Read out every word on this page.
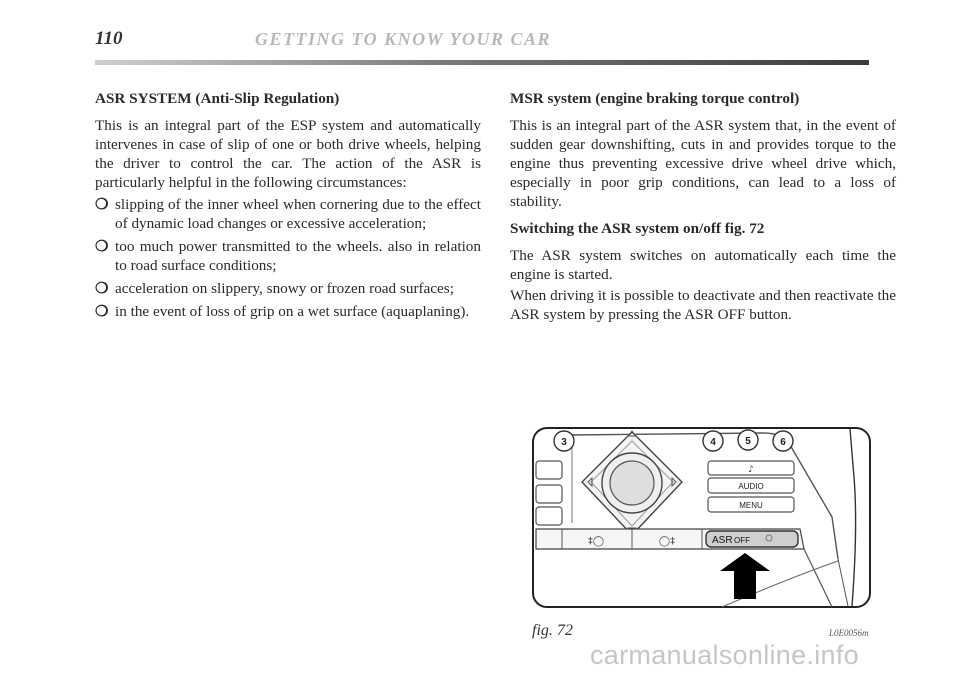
110	GETTING TO KNOW YOUR CAR

ASR SYSTEM (Anti-Slip Regulation)

This is an integral part of the ESP system and automatically intervenes in case of slip of one or both drive wheels, helping the driver to control the car. The action of the ASR is particularly helpful in the following circumstances:

❍ slipping of the inner wheel when cornering due to the effect of dynamic load changes or excessive acceleration;
❍ too much power transmitted to the wheels. also in relation to road surface conditions;
❍ acceleration on slippery, snowy or frozen road surfaces;
❍ in the event of loss of grip on a wet surface (aquaplaning).

MSR system (engine braking torque control)

This is an integral part of the ASR system that, in the event of sudden gear downshifting, cuts in and provides torque to the engine thus preventing excessive drive wheel drive which, especially in poor grip conditions, can lead to a loss of stability.

Switching the ASR system on/off fig. 72

The ASR system switches on automatically each time the engine is started.

When driving it is possible to deactivate and then reactivate the ASR system by pressing the ASR OFF button.

3	4	5	6
♪
AUDIO
MENU
‡◯	◯‡	ASR OFF
fig. 72	L0E0056m
carmanualsonline.info
